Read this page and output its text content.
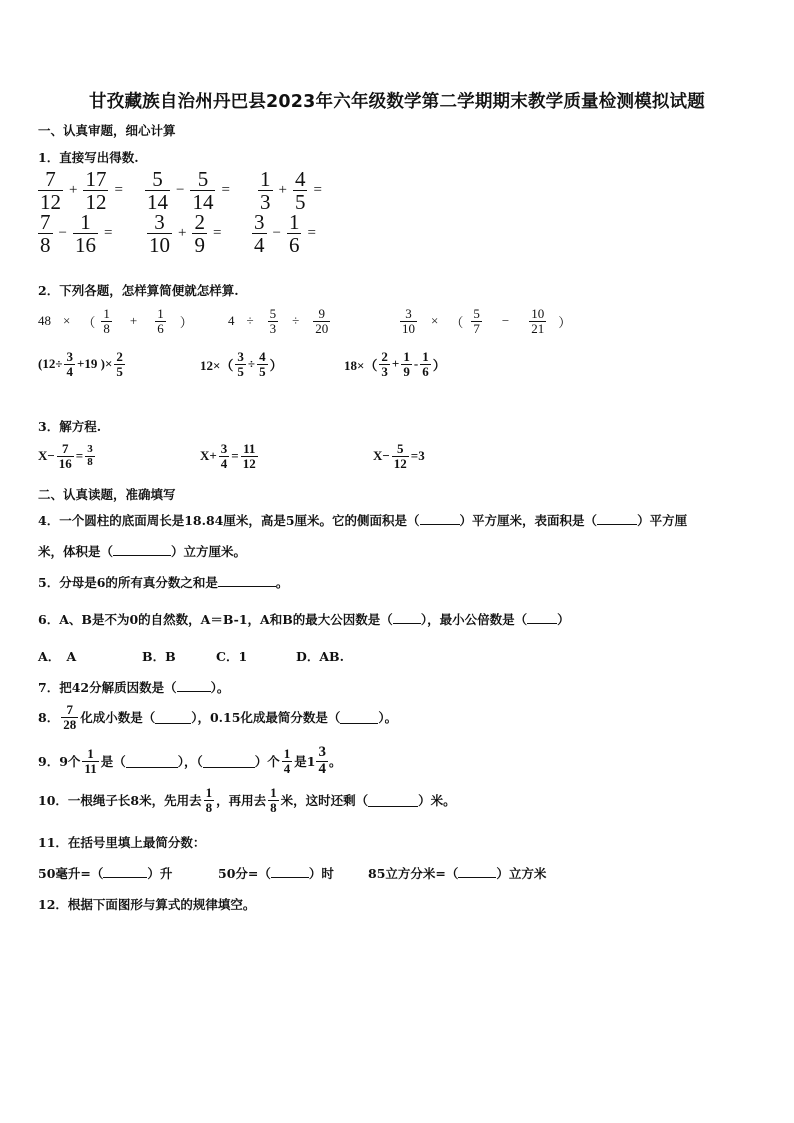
甘孜藏族自治州丹巴县2023年六年级数学第二学期期末教学质量检测模拟试题
一、认真审题，细心计算
1．直接写出得数.
$\frac{7}{12} + \frac{17}{12} = \frac{5}{14} - \frac{5}{14} = \frac{1}{3} + \frac{4}{5}$ =
$\frac{7}{8} - \frac{1}{16} = \frac{3}{10} + \frac{2}{9} = \frac{3}{4} - \frac{1}{6}$ =
2．下列各题，怎样算简便就怎样算.
48 × （ $\frac{1}{8} + \frac{1}{6}$ ）	$4 \div \frac{5}{3} \div \frac{9}{20}$	$\frac{3}{10}$ × （ $\frac{5}{7} - \frac{10}{21}$ ）
($12\div \frac{3}{4} +19$ )× $\frac{2}{5}$	$12\times( \frac{3}{5} \div \frac{4}{5}$ ）	$18\times( \frac{2}{3} + \frac{1}{9} - \frac{1}{6}$ ）
3．解方程.
$X- \frac{7}{16} = \frac{3}{8}$	$X+ \frac{3}{4} = \frac{11}{12}$	$X- \frac{5}{12} =3$
二、认真读题，准确填写
4．一个圆柱的底面周长是18.84厘米，高是5厘米。它的侧面积是（	）平方厘米，表面积是（	）平方厘
米，体积是（	）立方厘米。
5．分母是6的所有真分数之和是	。
6．A、B是不为0的自然数，A＝B-1，A和B的最大公因数是（ ），最小公倍数是（ ）
A．　A	B．B	C．1	D．AB.
7．把42分解质因数是（	）。
8． $\frac{7}{28}$ 化成小数是（	），0.15化成最简分数是（	）。
9．9个 $\frac{1}{11}$ 是（	），（	）个 $\frac{1}{4}$ 是$1 \frac{3}{4}$ 。
10．一根绳子长8米，先用去 $\frac{1}{8}$ ，再用去 $\frac{1}{8}$ 米，这时还剩（	）米。
11．在括号里填上最简分数：
50毫升=（	）升	50分=（	）时	85立方分米=（	）立方米
12．根据下面图形与算式的规律填空。
